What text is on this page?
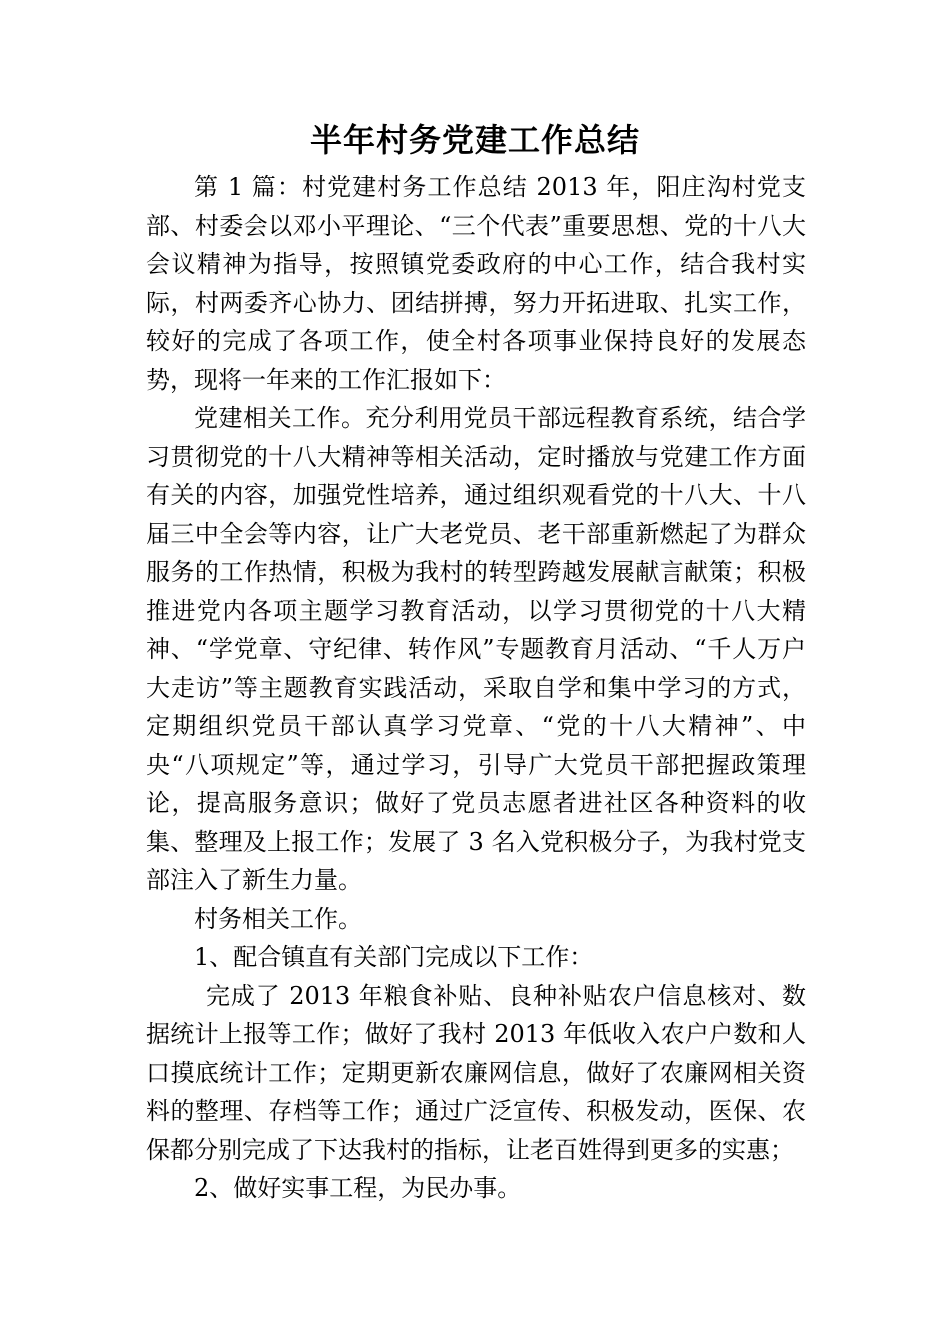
半年村务党建工作总结

第 1 篇：村党建村务工作总结 2013 年，阳庄沟村党支部、村委会以邓小平理论、“三个代表”重要思想、党的十八大会议精神为指导，按照镇党委政府的中心工作，结合我村实际，村两委齐心协力、团结拼搏，努力开拓进取、扎实工作，较好的完成了各项工作，使全村各项事业保持良好的发展态势，现将一年来的工作汇报如下：

党建相关工作。充分利用党员干部远程教育系统，结合学习贯彻党的十八大精神等相关活动，定时播放与党建工作方面有关的内容，加强党性培养，通过组织观看党的十八大、十八届三中全会等内容，让广大老党员、老干部重新燃起了为群众服务的工作热情，积极为我村的转型跨越发展献言献策；积极推进党内各项主题学习教育活动，以学习贯彻党的十八大精神、“学党章、守纪律、转作风”专题教育月活动、“千人万户大走访”等主题教育实践活动，采取自学和集中学习的方式，定期组织党员干部认真学习党章、“党的十八大精神”、中央“八项规定”等，通过学习，引导广大党员干部把握政策理论，提高服务意识；做好了党员志愿者进社区各种资料的收集、整理及上报工作；发展了 3 名入党积极分子，为我村党支部注入了新生力量。

村务相关工作。

1、配合镇直有关部门完成以下工作：

完成了 2013 年粮食补贴、良种补贴农户信息核对、数据统计上报等工作；做好了我村 2013 年低收入农户户数和人口摸底统计工作；定期更新农廉网信息，做好了农廉网相关资料的整理、存档等工作；通过广泛宣传、积极发动，医保、农保都分别完成了下达我村的指标，让老百姓得到更多的实惠；

2、做好实事工程，为民办事。
